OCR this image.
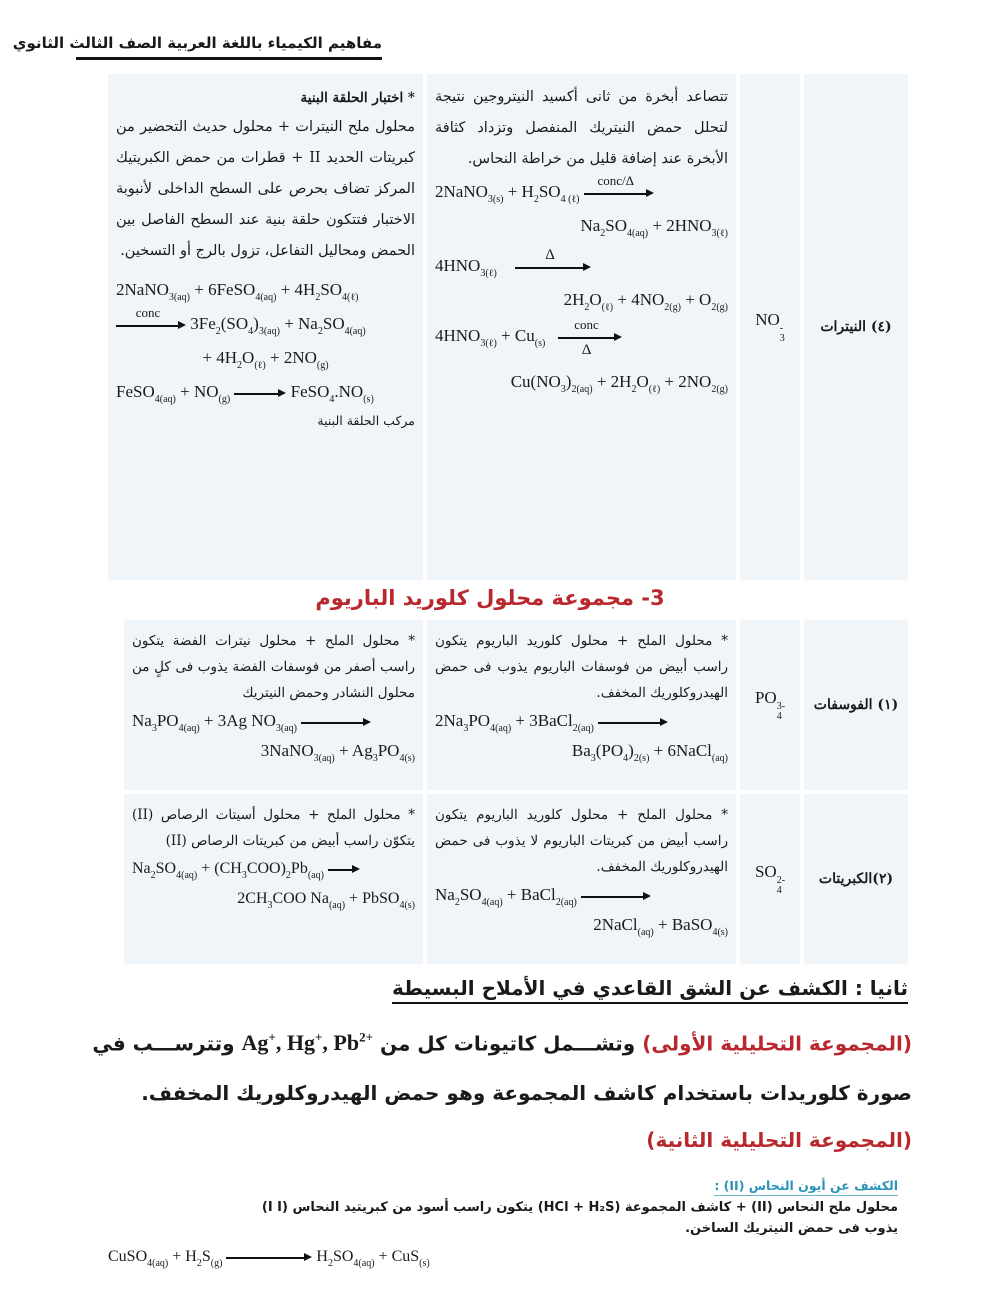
مفاهيم الكيمياء باللغة العربية الصف الثالث الثانوي

* اختبار الحلقة البنية

محلول ملح النيترات + محلول حديث التحضير من كبريتات الحديد II + قطرات من حمض الكبريتيك المركز تضاف بحرص على السطح الداخلى لأنبوبة الاختبار فتتكون حلقة بنية عند السطح الفاصل بين الحمض ومحاليل التفاعل، تزول بالرج أو التسخين.

2NaNO$_{3(aq)}$ + 6FeSO$_{4(aq)}$ + $4H_2SO_{4(\ell)}$
conc
$3Fe_2(SO_4)_{3(aq)} + Na_2SO_{4(aq)}$
+ $4H_2O_{(\ell)} + 2NO_{(g)}$
FeSO$_{4(aq)}$ + $NO_{(g)}$	$FeSO_4.NO_{(s)}$

مركب الحلقة البنية

تتصاعد أبخرة من ثانى أكسيد النيتروجين نتيجة لتحلل حمض النيتريك المنفصل وتزداد كثافة الأبخرة عند إضافة قليل من خراطة النحاس.

2NaNO$_{3(s)}$ + $H_2SO_{4 (\ell)}$
conc/Δ
$Na_2SO_{4(aq)} + 2HNO_{3(\ell)}$
$4HNO_{3(\ell)}$
Δ
$2H_2O_{(\ell)} + 4NO_{2(g)} + O_{2(g)}$
$4HNO_{3(\ell)} + Cu_{(s)}$
conc
Δ
$Cu(NO_3)_{2(aq)} + 2H_2O_{(\ell)} + 2NO_{2(g)}$
NO -
3
(٤) النيترات
3- مجموعة محلول كلوريد الباريوم

* محلول الملح + محلول نيترات الفضة يتكون راسب أصفر من فوسفات الفضة يذوب فى كلٍ من محلول النشادر وحمض النيتريك

$Na_3PO_{4(aq)} + 3Ag$ $NO_{3(aq)}$
3NaNO$_{3(aq)}$ + $Ag_3PO_{4(s)}$

* محلول الملح + محلول كلوريد الباريوم يتكون راسب أبيض من فوسفات الباريوم يذوب فى حمض الهيدروكلوريك المخفف.

$2Na_3PO_{4(aq)}$ + 3BaCl$_{2(aq)}$
$Ba_3(PO_4)_{2(s)}$ + 6NaCl$_{(aq)}$
PO 3-
4
(١) الفوسفات

* محلول الملح + محلول أسيتات الرصاص (II) يتكوّن راسب أبيض من كبريتات الرصاص (II)

$Na_2SO_{4(aq)} + (CH_3COO)_2Pb_{(aq)}$
$2CH_3COO$ $Na_{(aq)}$ + PbSO$_{4(s)}$

* محلول الملح + محلول كلوريد الباريوم يتكون راسب أبيض من كبريتات الباريوم لا يذوب فى حمض الهيدروكلوريك المخفف.

$Na_2SO_{4(aq)}$ + BaCl$_{2(aq)}$
2NaCl$_{(aq)}$ + BaSO$_{4(s)}$
SO 2-
4
(٢)الكبريتات
ثانيا : الكشف عن الشق القاعدي في الأملاح البسيطة
(المجموعة التحليلية الأولى) وتشـــمل كاتيونات كل من Ag+, Hg+, $Pb^{2+}$ وتترســـب في
صورة كلوريدات باستخدام كاشف المجموعة وهو حمض الهيدروكلوريك المخفف.
(المجموعة التحليلية الثانية)
الكشف عن أيون النحاس (II) :
محلول ملح النحاس (II) + كاشف المجموعة (HCl + H₂S) يتكون راسب أسود من كبريتيد النحاس (I I)
يذوب فى حمض النيتريك الساخن.
CuSO$_{4(aq)}$ + $H_2S_{(g)}$	$H_2SO_{4(aq)} + CuS_{(s)}$
